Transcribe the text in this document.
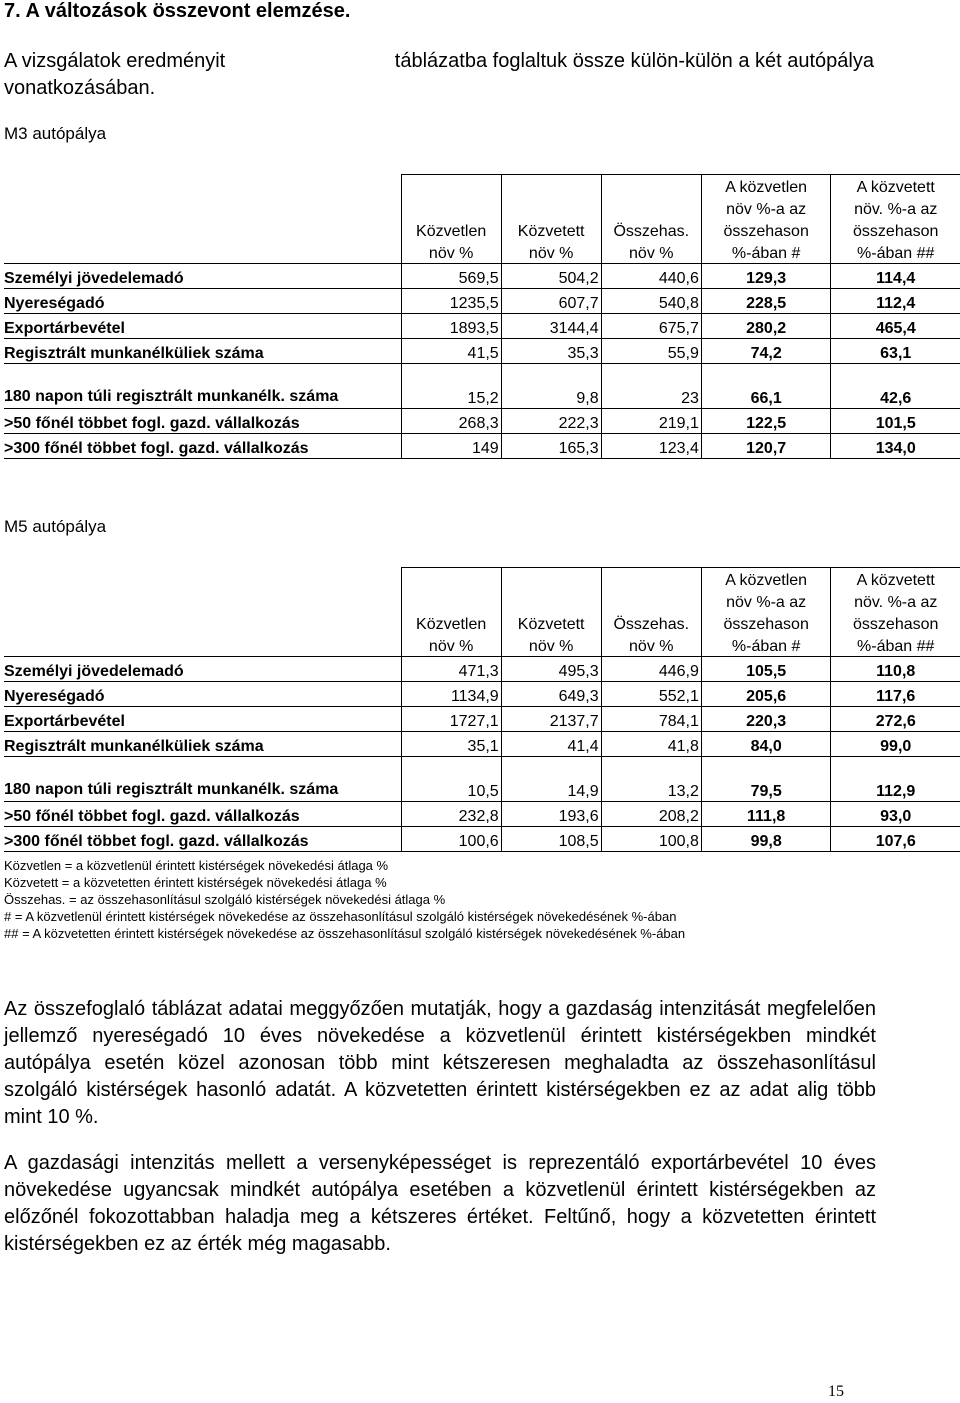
7. A változások összevont elemzése.
A vizsgálatok eredményit	táblázatba foglaltuk össze külön-külön a két autópálya
vonatkozásában.
M3 autópálya
				A közvetlen	A közvetett
				növ %-a az	növ. %-a az
	Közvetlen	Közvetett	Összehas.	összehason	összehason
	növ %	növ %	növ %	%-ában #	%-ában ##
Személyi jövedelemadó	569,5	504,2	440,6	129,3	114,4
Nyereségadó	1235,5	607,7	540,8	228,5	112,4
Exportárbevétel	1893,5	3144,4	675,7	280,2	465,4
Regisztrált munkanélküliek száma	41,5	35,3	55,9	74,2	63,1
180 napon túli regisztrált munkanélk. száma	15,2	9,8	23	66,1	42,6
>50 főnél többet fogl. gazd. vállalkozás	268,3	222,3	219,1	122,5	101,5
>300 főnél többet fogl. gazd. vállalkozás	149	165,3	123,4	120,7	134,0
M5 autópálya
				A közvetlen	A közvetett
				növ %-a az	növ. %-a az
	Közvetlen	Közvetett	Összehas.	összehason	összehason
	növ %	növ %	növ %	%-ában #	%-ában ##
Személyi jövedelemadó	471,3	495,3	446,9	105,5	110,8
Nyereségadó	1134,9	649,3	552,1	205,6	117,6
Exportárbevétel	1727,1	2137,7	784,1	220,3	272,6
Regisztrált munkanélküliek száma	35,1	41,4	41,8	84,0	99,0
180 napon túli regisztrált munkanélk. száma	10,5	14,9	13,2	79,5	112,9
>50 főnél többet fogl. gazd. vállalkozás	232,8	193,6	208,2	111,8	93,0
>300 főnél többet fogl. gazd. vállalkozás	100,6	108,5	100,8	99,8	107,6
Közvetlen = a közvetlenül érintett kistérségek növekedési átlaga %
Közvetett = a közvetetten érintett kistérségek növekedési átlaga %
Összehas. = az összehasonlításul szolgáló kistérségek növekedési átlaga %
# = A közvetlenül érintett kistérségek növekedése az összehasonlításul szolgáló kistérségek növekedésének %-ában
## = A közvetetten érintett kistérségek növekedése az összehasonlításul szolgáló kistérségek növekedésének %-ában
Az összefoglaló táblázat adatai meggyőzően mutatják, hogy a gazdaság intenzitását megfelelően jellemző nyereségadó 10 éves növekedése a közvetlenül érintett kistérségekben mindkét autópálya esetén közel azonosan több mint kétszeresen meghaladta az összehasonlításul szolgáló kistérségek hasonló adatát. A közvetetten érintett kistérségekben ez az adat alig több mint 10 %.
A gazdasági intenzitás mellett a versenyképességet is reprezentáló exportárbevétel 10 éves növekedése ugyancsak mindkét autópálya esetében a közvetlenül érintett kistérségekben az előzőnél fokozottabban haladja meg a kétszeres értéket. Feltűnő, hogy a közvetetten érintett kistérségekben ez az érték még magasabb.
15
